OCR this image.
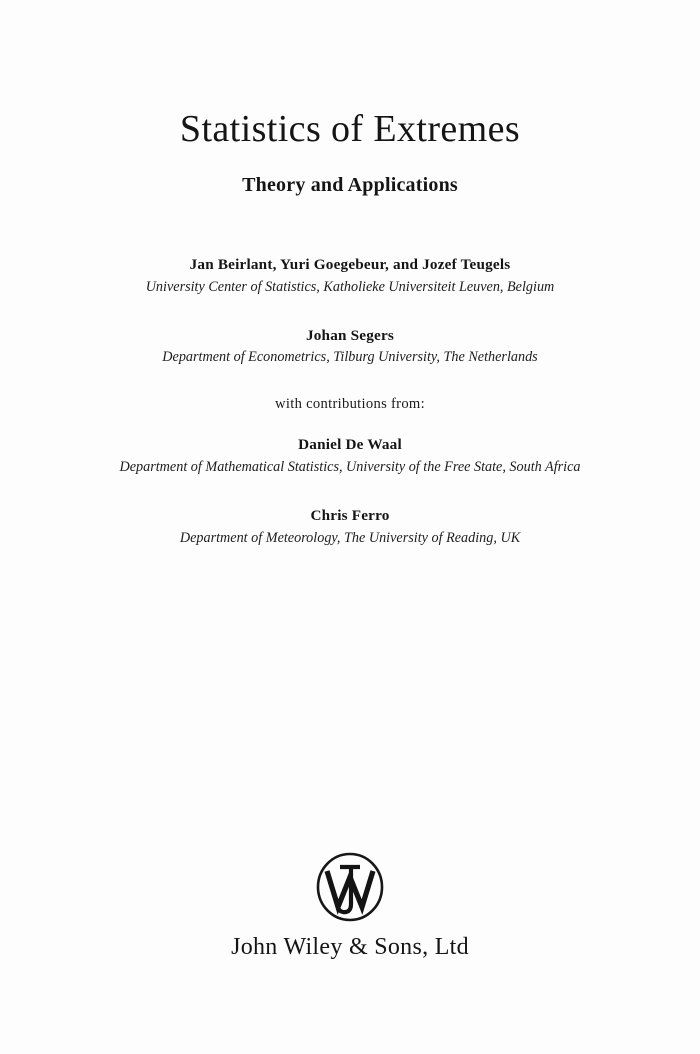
Statistics of Extremes
Theory and Applications
Jan Beirlant, Yuri Goegebeur, and Jozef Teugels
University Center of Statistics, Katholieke Universiteit Leuven, Belgium
Johan Segers
Department of Econometrics, Tilburg University, The Netherlands
with contributions from:
Daniel De Waal
Department of Mathematical Statistics, University of the Free State, South Africa
Chris Ferro
Department of Meteorology, The University of Reading, UK
John Wiley & Sons, Ltd
